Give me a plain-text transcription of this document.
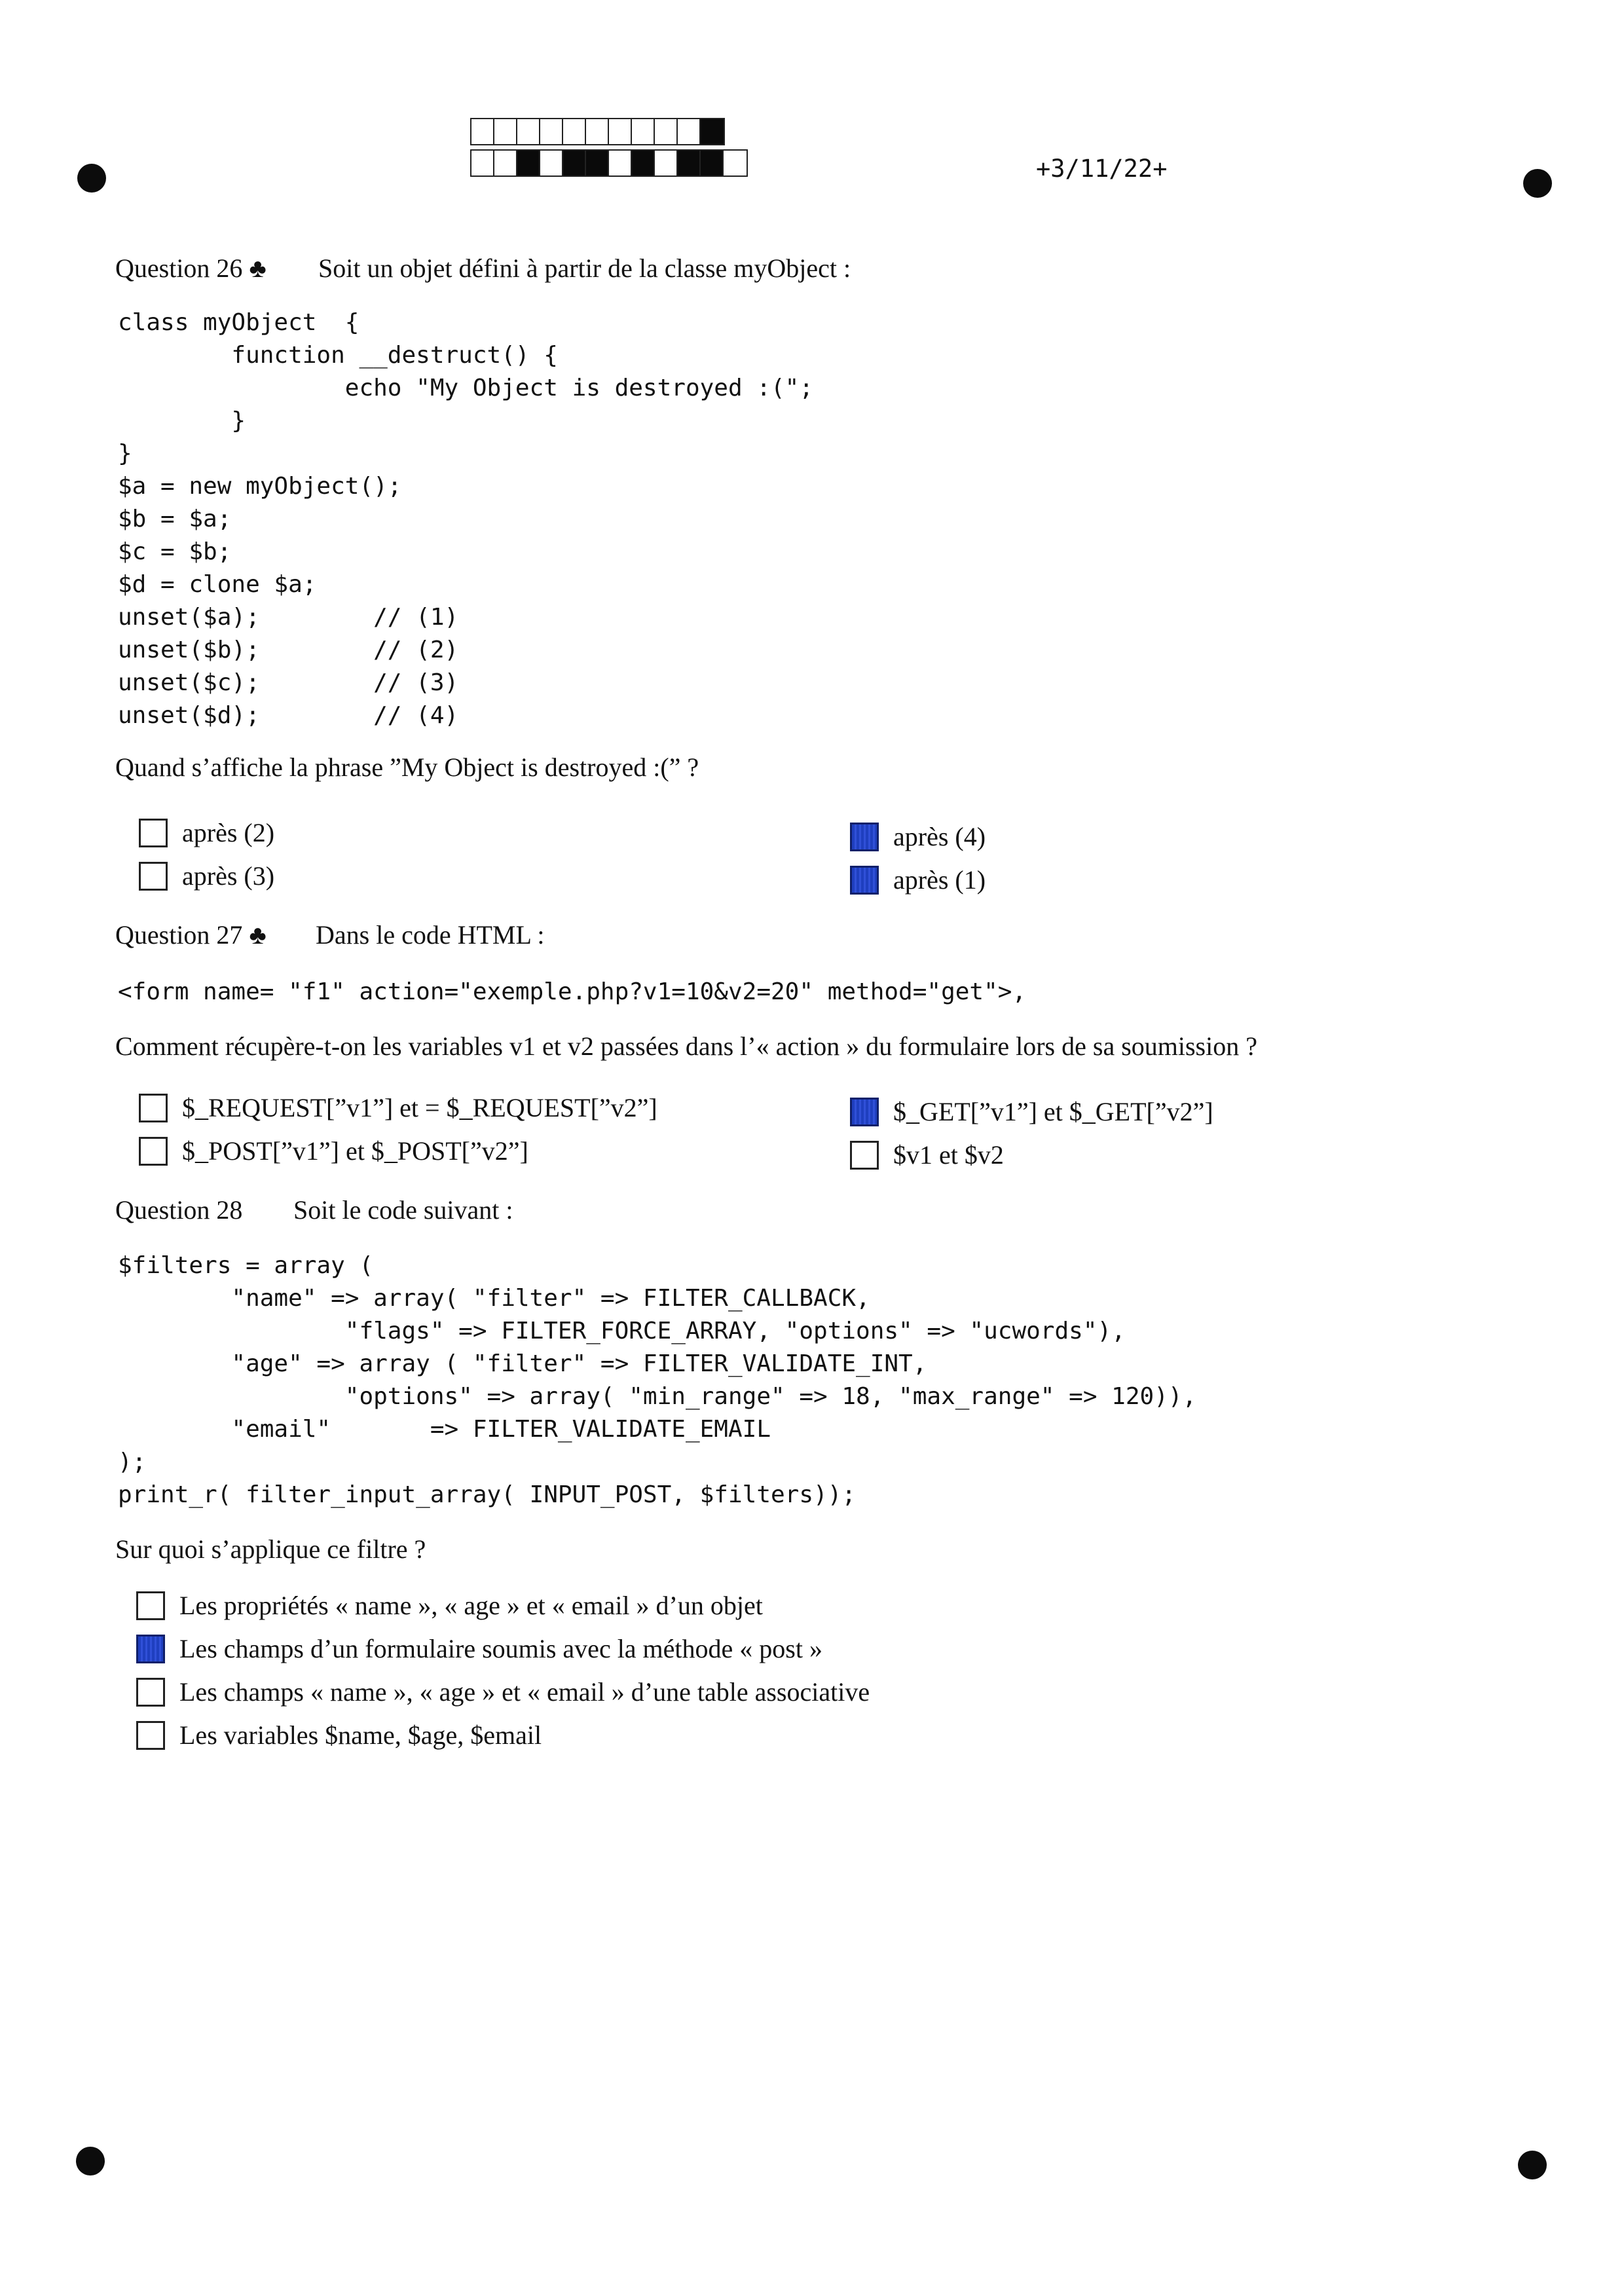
+3/11/22+
Question 26 ♣ Soit un objet défini à partir de la classe myObject :
class myObject  {
function __destruct() {
echo "My Object is destroyed :(";
}
}
$a = new myObject();
$b = $a;
$c = $b;
$d = clone $a;
unset($a);        // (1)
unset($b);        // (2)
unset($c);        // (3)
unset($d);        // (4)
Quand s’affiche la phrase ”My Object is destroyed :(” ?
après (2)
après (3)
après (4)
après (1)
Question 27 ♣ Dans le code HTML :
<form name= "f1" action="exemple.php?v1=10&v2=20" method="get">,
Comment récupère-t-on les variables v1 et v2 passées dans l’« action » du formulaire lors de sa soumission ?
$_REQUEST[”v1”] et = $_REQUEST[”v2”]
$_POST[”v1”] et $_POST[”v2”]
$_GET[”v1”] et $_GET[”v2”]
$v1 et $v2
Question 28 Soit le code suivant :
$filters = array (
"name" => array( "filter" => FILTER_CALLBACK,
"flags" => FILTER_FORCE_ARRAY, "options" => "ucwords"),
"age" => array ( "filter" => FILTER_VALIDATE_INT,
"options" => array( "min_range" => 18, "max_range" => 120)),
"email"       => FILTER_VALIDATE_EMAIL
);
print_r( filter_input_array( INPUT_POST, $filters));
Sur quoi s’applique ce filtre ?
Les propriétés « name », « age » et « email » d’un objet
Les champs d’un formulaire soumis avec la méthode « post »
Les champs « name », « age » et « email » d’une table associative
Les variables $name, $age, $email
